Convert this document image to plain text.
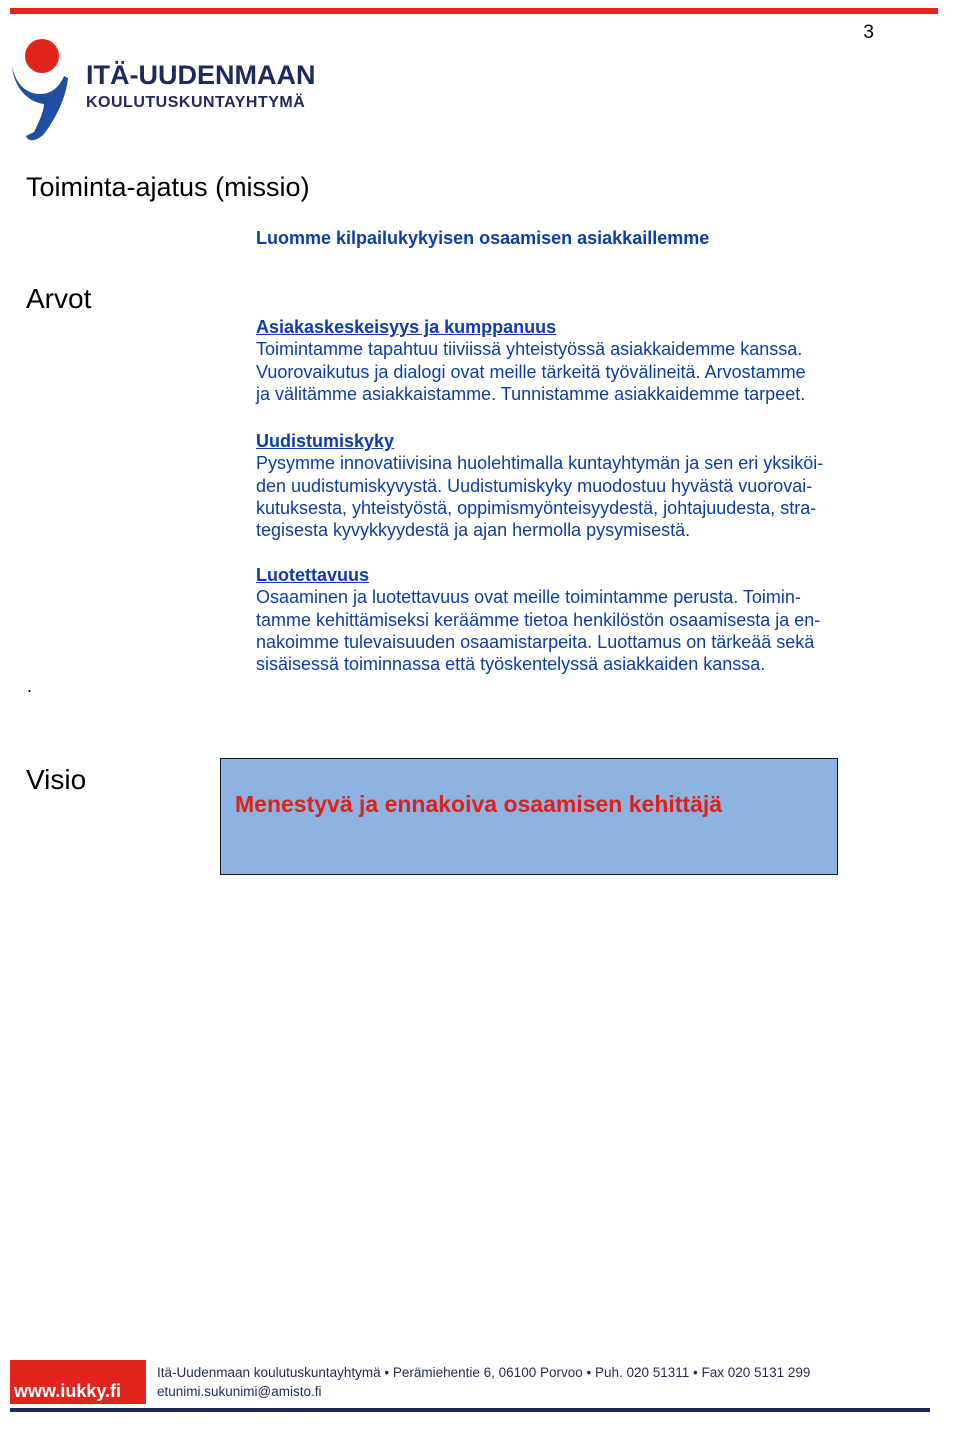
3
ITÄ-UUDENMAAN
KOULUTUSKUNTAYHTYMÄ
Toiminta-ajatus (missio)
Luomme kilpailukykyisen osaamisen asiakkaillemme
Arvot
Asiakaskeskeisyys ja kumppanuus
Toimintamme tapahtuu tiiviissä yhteistyössä asiakkaidemme kanssa.
Vuorovaikutus ja dialogi ovat meille tärkeitä työvälineitä. Arvostamme
ja välitämme asiakkaistamme. Tunnistamme asiakkaidemme tarpeet.
Uudistumiskyky
Pysymme innovatiivisina huolehtimalla kuntayhtymän ja sen eri yksiköi-
den uudistumiskyvystä. Uudistumiskyky muodostuu hyvästä vuorovai-
kutuksesta, yhteistyöstä, oppimismyönteisyydestä, johtajuudesta, stra-
tegisesta kyvykkyydestä ja ajan hermolla pysymisestä.
Luotettavuus
Osaaminen ja luotettavuus ovat meille toimintamme perusta. Toimin-
tamme kehittämiseksi keräämme tietoa henkilöstön osaamisesta ja en-
nakoimme tulevaisuuden osaamistarpeita. Luottamus on tärkeää sekä
sisäisessä toiminnassa että työskentelyssä asiakkaiden kanssa.
.
Visio
Menestyvä ja ennakoiva osaamisen kehittäjä
www.iukky.fi
Itä-Uudenmaan koulutuskuntayhtymä • Perämiehentie 6, 06100 Porvoo • Puh. 020 51311 • Fax 020 5131 299
etunimi.sukunimi@amisto.fi
